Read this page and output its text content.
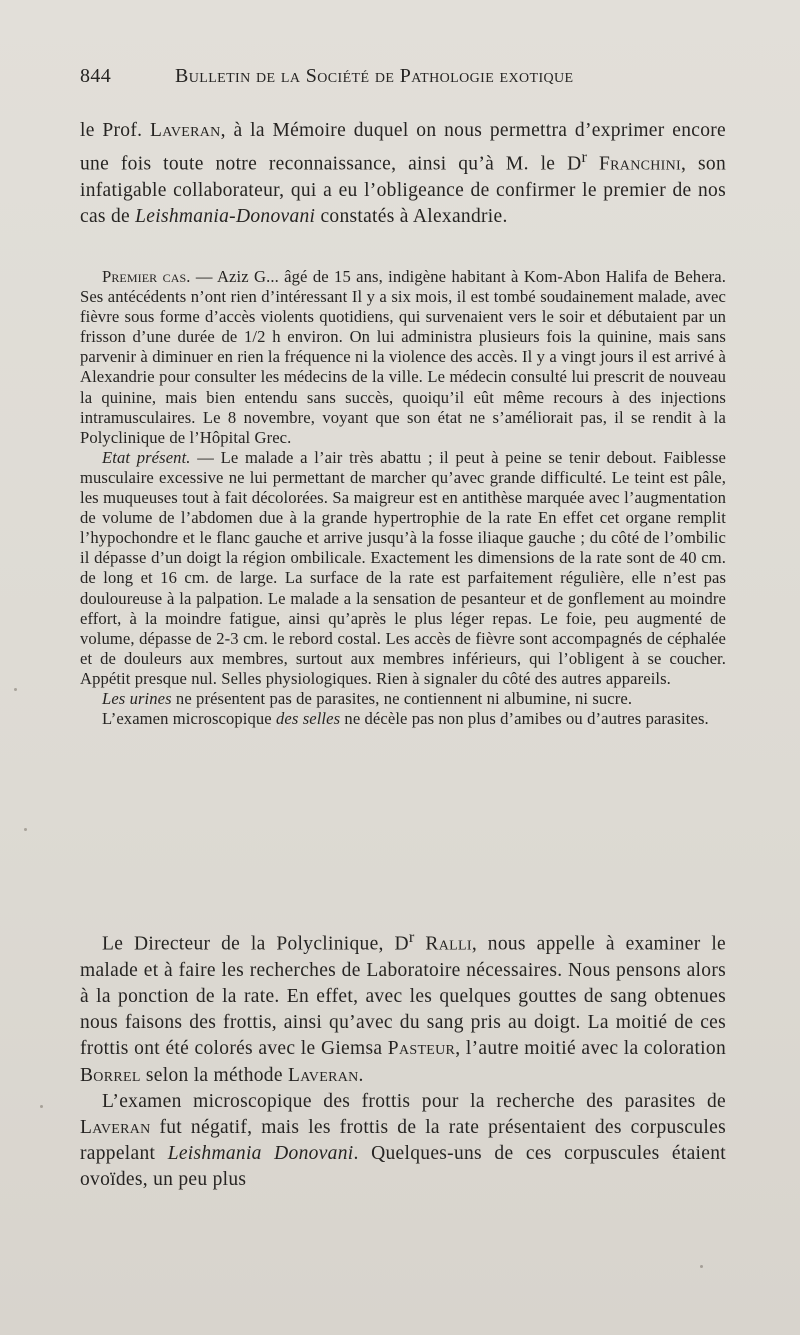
844	Bulletin de la Société de Pathologie exotique

le Prof. Laveran, à la Mémoire duquel on nous permettra d’exprimer encore une fois toute notre reconnaissance, ainsi qu’à M. le $D^r$ Franchini, son infatigable collaborateur, qui a eu l’obligeance de confirmer le premier de nos cas de Leishmania-Donovani constatés à Alexandrie.

Premier cas. — Aziz G... âgé de 15 ans, indigène habitant à Kom-Abon Halifa de Behera. Ses antécédents n’ont rien d’intéressant Il y a six mois, il est tombé soudainement malade, avec fièvre sous forme d’accès violents quotidiens, qui survenaient vers le soir et débutaient par un frisson d’une durée de 1/2 h environ. On lui administra plusieurs fois la quinine, mais sans parvenir à diminuer en rien la fréquence ni la violence des accès. Il y a vingt jours il est arrivé à Alexandrie pour consulter les médecins de la ville. Le médecin consulté lui prescrit de nouveau la quinine, mais bien entendu sans succès, quoiqu’il eût même recours à des injections intramusculaires. Le 8 novembre, voyant que son état ne s’améliorait pas, il se rendit à la Polyclinique de l’Hôpital Grec.

Etat présent. — Le malade a l’air très abattu ; il peut à peine se tenir debout. Faiblesse musculaire excessive ne lui permettant de marcher qu’avec grande difficulté. Le teint est pâle, les muqueuses tout à fait décolorées. Sa maigreur est en antithèse marquée avec l’augmentation de volume de l’abdomen due à la grande hypertrophie de la rate En effet cet organe remplit l’hypochondre et le flanc gauche et arrive jusqu’à la fosse iliaque gauche ; du côté de l’ombilic il dépasse d’un doigt la région ombilicale. Exactement les dimensions de la rate sont de 40 cm. de long et 16 cm. de large. La surface de la rate est parfaitement régulière, elle n’est pas douloureuse à la palpation. Le malade a la sensation de pesanteur et de gonflement au moindre effort, à la moindre fatigue, ainsi qu’après le plus léger repas. Le foie, peu augmenté de volume, dépasse de 2-3 cm. le rebord costal. Les accès de fièvre sont accompagnés de céphalée et de douleurs aux membres, surtout aux membres inférieurs, qui l’obligent à se coucher. Appétit presque nul. Selles physiologiques. Rien à signaler du côté des autres appareils.

Les urines ne présentent pas de parasites, ne contiennent ni albumine, ni sucre.

L’examen microscopique des selles ne décèle pas non plus d’amibes ou d’autres parasites.

Le Directeur de la Polyclinique, $D^r$ Ralli, nous appelle à examiner le malade et à faire les recherches de Laboratoire nécessaires. Nous pensons alors à la ponction de la rate. En effet, avec les quelques gouttes de sang obtenues nous faisons des frottis, ainsi qu’avec du sang pris au doigt. La moitié de ces frottis ont été colorés avec le Giemsa Pasteur, l’autre moitié avec la coloration Borrel selon la méthode Laveran.

L’examen microscopique des frottis pour la recherche des parasites de Laveran fut négatif, mais les frottis de la rate présentaient des corpuscules rappelant Leishmania Donovani. Quelques-uns de ces corpuscules étaient ovoïdes, un peu plus
